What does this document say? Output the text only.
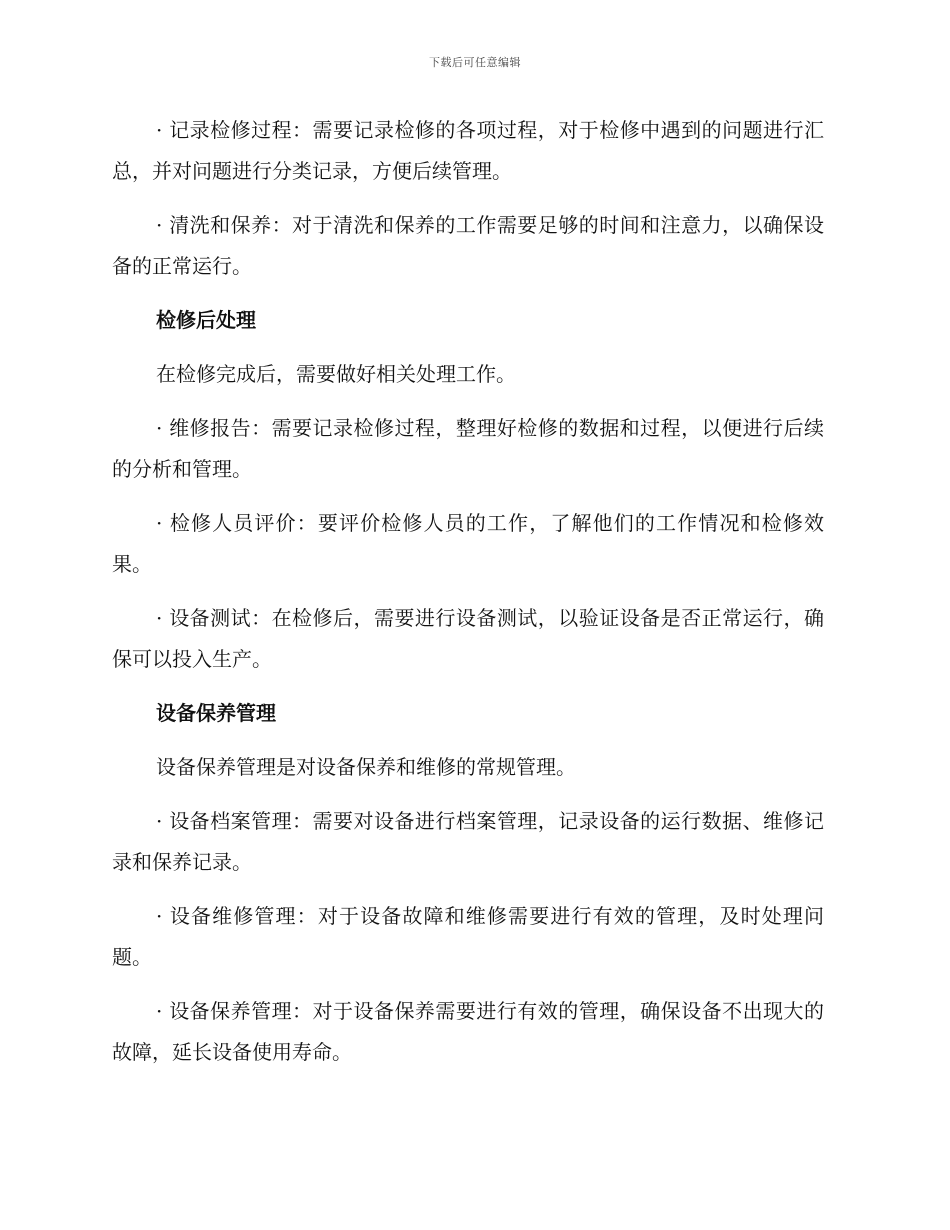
下载后可任意编辑

· 记录检修过程：需要记录检修的各项过程，对于检修中遇到的问题进行汇总，并对问题进行分类记录，方便后续管理。

· 清洗和保养：对于清洗和保养的工作需要足够的时间和注意力，以确保设备的正常运行。

检修后处理

在检修完成后，需要做好相关处理工作。

· 维修报告：需要记录检修过程，整理好检修的数据和过程，以便进行后续的分析和管理。

· 检修人员评价：要评价检修人员的工作，了解他们的工作情况和检修效果。

· 设备测试：在检修后，需要进行设备测试，以验证设备是否正常运行，确保可以投入生产。

设备保养管理

设备保养管理是对设备保养和维修的常规管理。

· 设备档案管理：需要对设备进行档案管理，记录设备的运行数据、维修记录和保养记录。

· 设备维修管理：对于设备故障和维修需要进行有效的管理，及时处理问题。

· 设备保养管理：对于设备保养需要进行有效的管理，确保设备不出现大的故障，延长设备使用寿命。
